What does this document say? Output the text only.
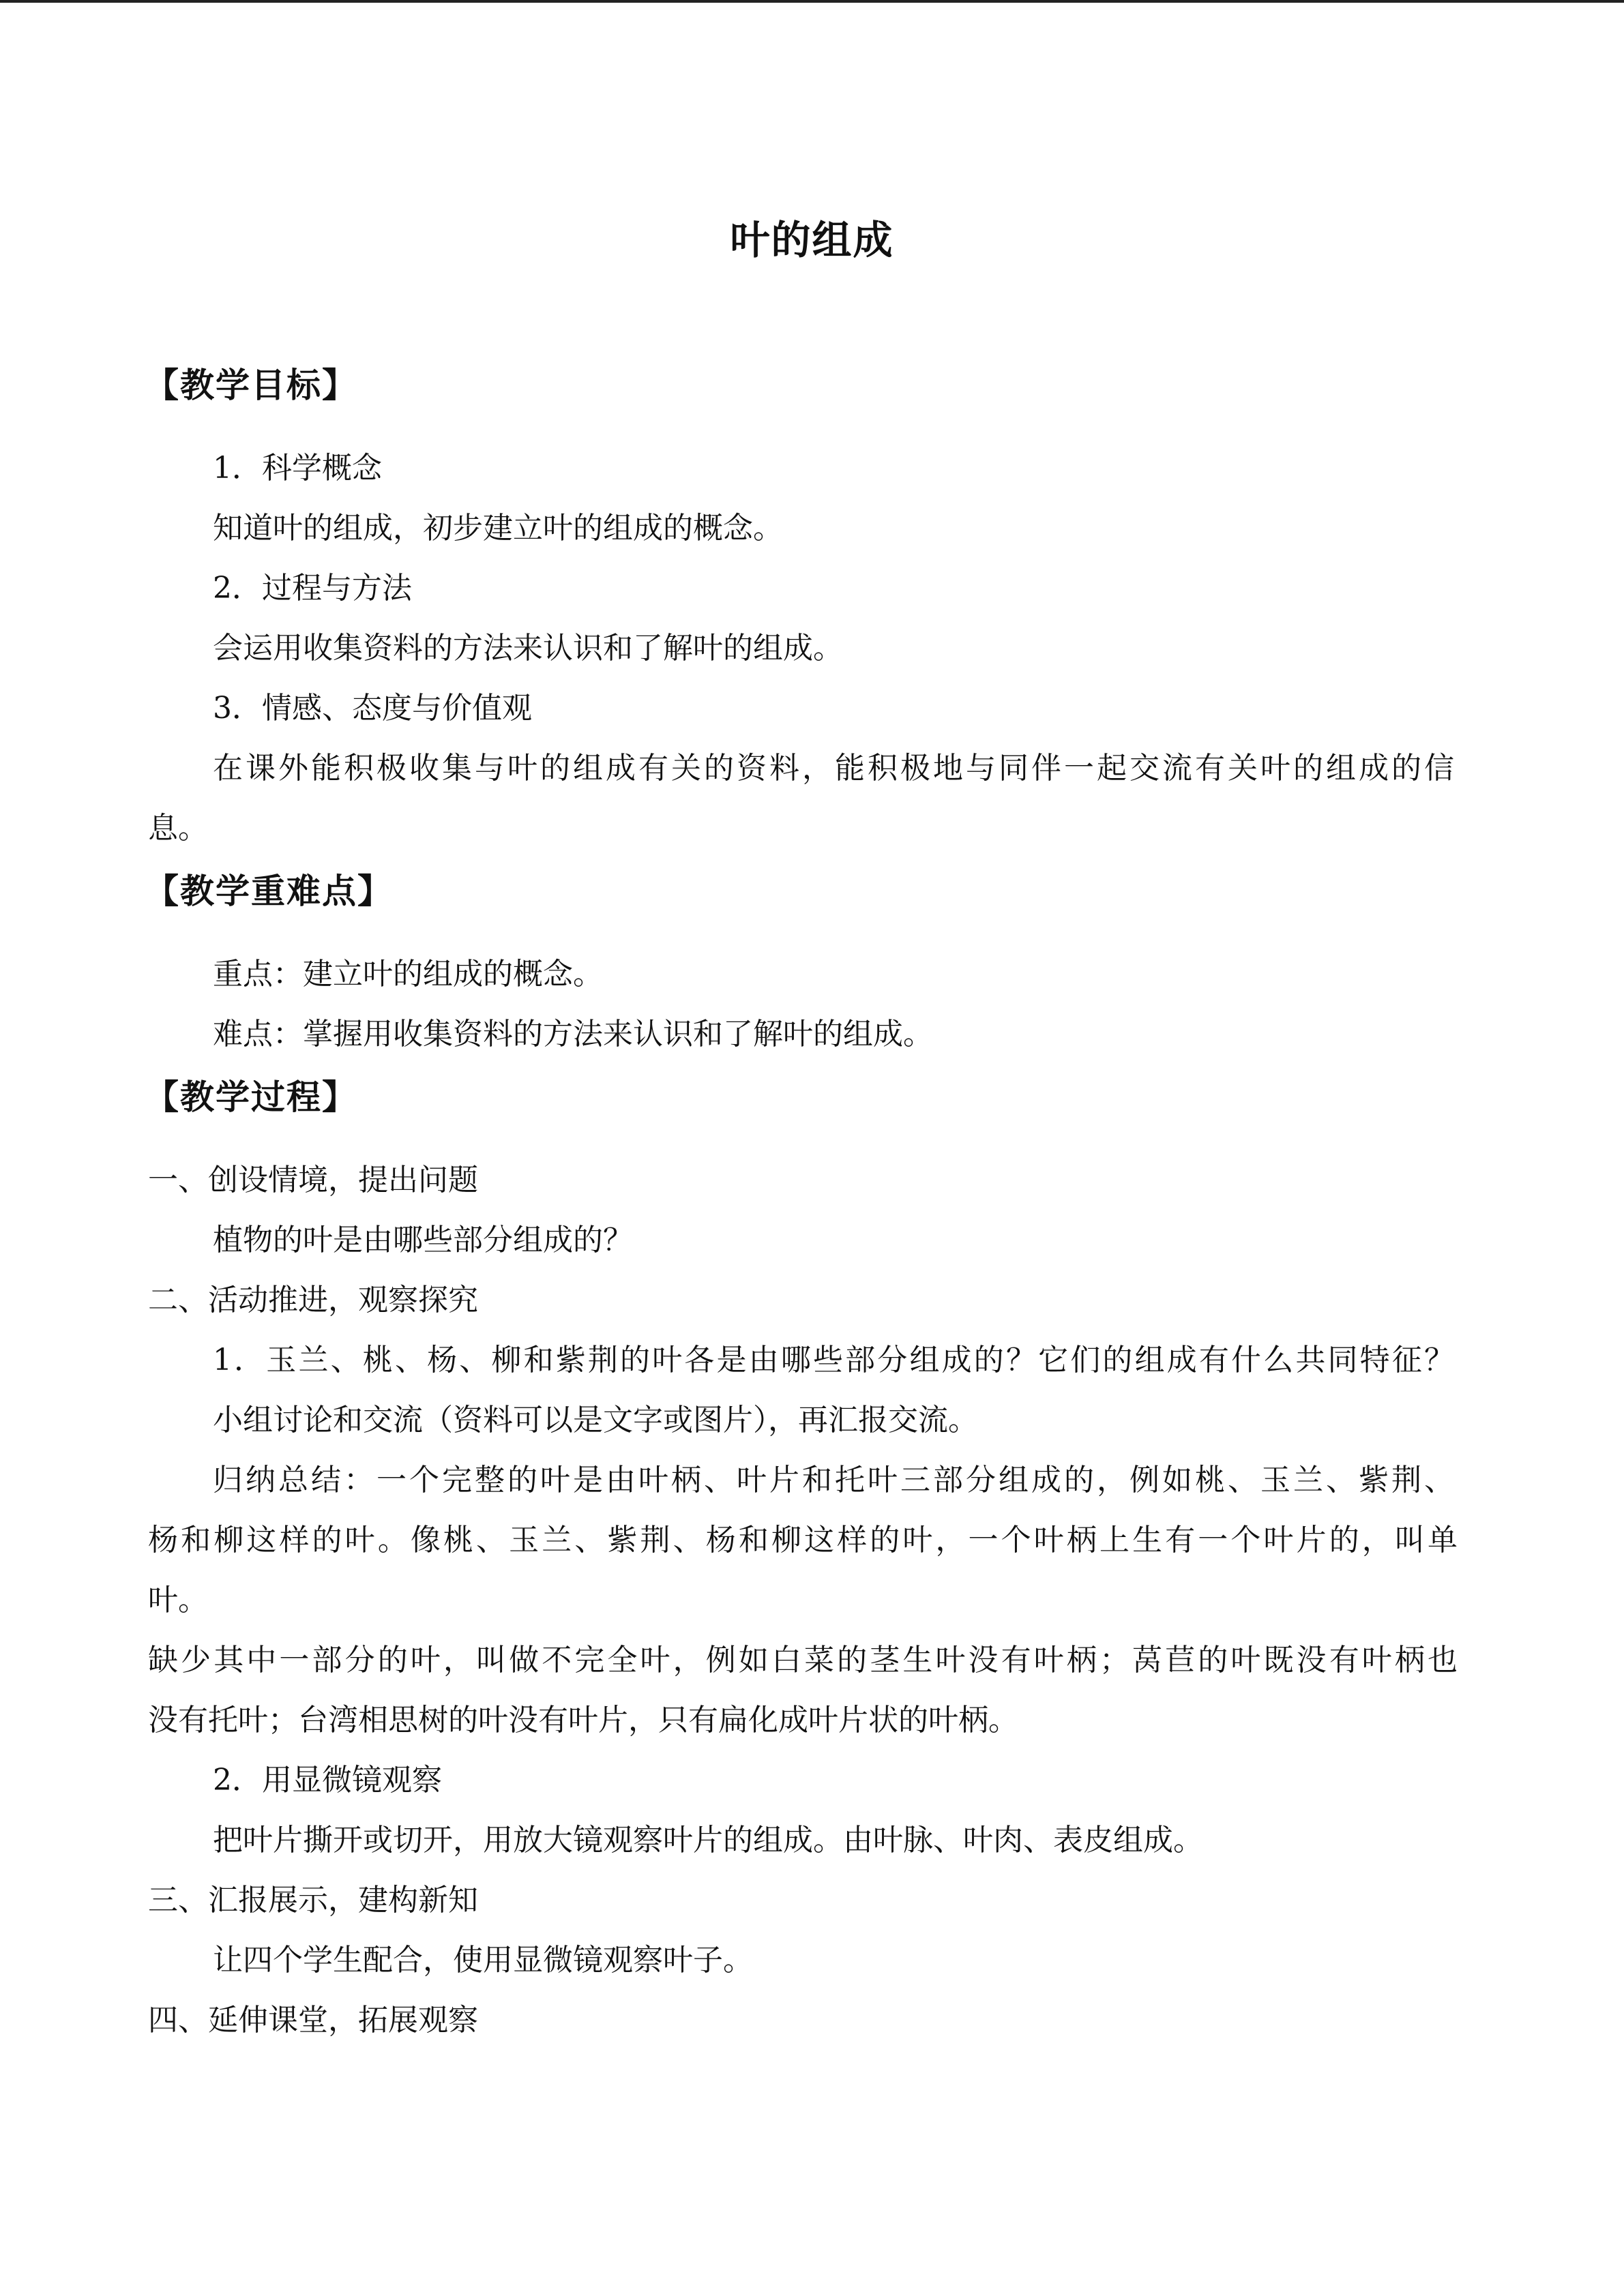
叶的组成
【教学目标】
1．科学概念
知道叶的组成，初步建立叶的组成的概念。
2．过程与方法
会运用收集资料的方法来认识和了解叶的组成。
3．情感、态度与价值观
在课外能积极收集与叶的组成有关的资料，能积极地与同伴一起交流有关叶的组成的信
息。
【教学重难点】
重点：建立叶的组成的概念。
难点：掌握用收集资料的方法来认识和了解叶的组成。
【教学过程】
一、创设情境，提出问题
植物的叶是由哪些部分组成的？
二、活动推进，观察探究
1．玉兰、桃、杨、柳和紫荆的叶各是由哪些部分组成的？它们的组成有什么共同特征？
小组讨论和交流（资料可以是文字或图片），再汇报交流。
归纳总结：一个完整的叶是由叶柄、叶片和托叶三部分组成的，例如桃、玉兰、紫荆、
杨和柳这样的叶。像桃、玉兰、紫荆、杨和柳这样的叶，一个叶柄上生有一个叶片的，叫单
叶。
缺少其中一部分的叶，叫做不完全叶，例如白菜的茎生叶没有叶柄；莴苣的叶既没有叶柄也
没有托叶；台湾相思树的叶没有叶片，只有扁化成叶片状的叶柄。
2．用显微镜观察
把叶片撕开或切开，用放大镜观察叶片的组成。由叶脉、叶肉、表皮组成。
三、汇报展示，建构新知
让四个学生配合，使用显微镜观察叶子。
四、延伸课堂，拓展观察
